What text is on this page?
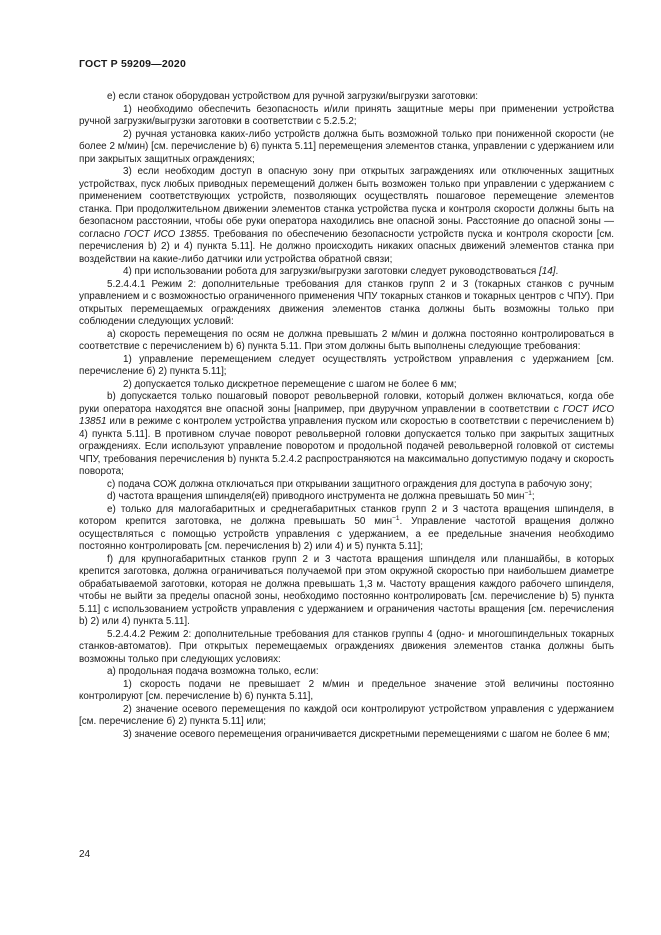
ГОСТ Р 59209—2020

е) если станок оборудован устройством для ручной загрузки/выгрузки заготовки:

1) необходимо обеспечить безопасность и/или принять защитные меры при применении устройства ручной загрузки/выгрузки заготовки в соответствии с 5.2.5.2;

2) ручная установка каких-либо устройств должна быть возможной только при пониженной скорости (не более 2 м/мин) [см. перечисление b) 6) пункта 5.11] перемещения элементов станка, управлении с удержанием или при закрытых защитных ограждениях;

3) если необходим доступ в опасную зону при открытых заграждениях или отключенных защитных устройствах, пуск любых приводных перемещений должен быть возможен только при управлении с удержанием с применением соответствующих устройств, позволяющих осуществлять пошаговое перемещение элементов станка. При продолжительном движении элементов станка устройства пуска и контроля скорости должны быть на безопасном расстоянии, чтобы обе руки оператора находились вне опасной зоны. Расстояние до опасной зоны — согласно ГОСТ ИСО 13855. Требования по обеспечению безопасности устройств пуска и контроля скорости [см. перечисления b) 2) и 4) пункта 5.11]. Не должно происходить никаких опасных движений элементов станка при воздействии на какие-либо датчики или устройства обратной связи;

4) при использовании робота для загрузки/выгрузки заготовки следует руководствоваться [14].

5.2.4.4.1 Режим 2: дополнительные требования для станков групп 2 и 3 (токарных станков с ручным управлением и с возможностью ограниченного применения ЧПУ токарных станков и токарных центров с ЧПУ). При открытых перемещаемых ограждениях движения элементов станка должны быть возможны только при соблюдении следующих условий:

а) скорость перемещения по осям не должна превышать 2 м/мин и должна постоянно контролироваться в соответствие с перечислением b) 6) пункта 5.11. При этом должны быть выполнены следующие требования:

1) управление перемещением следует осуществлять устройством управления с удержанием [см. перечисление б) 2) пункта 5.11];

2) допускается только дискретное перемещение с шагом не более 6 мм;

b) допускается только пошаговый поворот револьверной головки, который должен включаться, когда обе руки оператора находятся вне опасной зоны [например, при двуручном управлении в соответствии с ГОСТ ИСО 13851 или в режиме с контролем устройства управления пуском или скоростью в соответствии с перечислением b) 4) пункта 5.11]. В противном случае поворот револьверной головки допускается только при закрытых защитных ограждениях. Если используют управление поворотом и продольной подачей револьверной головкой от системы ЧПУ, требования перечисления b) пункта 5.2.4.2 распространяются на максимально допустимую подачу и скорость поворота;

с) подача СОЖ должна отключаться при открывании защитного ограждения для доступа в рабочую зону;

d) частота вращения шпинделя(ей) приводного инструмента не должна превышать 50 мин$^{-1}$;

е) только для малогабаритных и среднегабаритных станков групп 2 и 3 частота вращения шпинделя, в котором крепится заготовка, не должна превышать 50 мин$^{-1}$. Управление частотой вращения должно осуществляться с помощью устройств управления с удержанием, а ее предельные значения необходимо постоянно контролировать [см. перечисления b) 2) или 4) и 5) пункта 5.11];

f) для крупногабаритных станков групп 2 и 3 частота вращения шпинделя или планшайбы, в которых крепится заготовка, должна ограничиваться получаемой при этом окружной скоростью при наибольшем диаметре обрабатываемой заготовки, которая не должна превышать 1,3 м. Частоту вращения каждого рабочего шпинделя, чтобы не выйти за пределы опасной зоны, необходимо постоянно контролировать [см. перечисление b) 5) пункта 5.11] с использованием устройств управления с удержанием и ограничения частоты вращения [см. перечисления b) 2) или 4) пункта 5.11].

5.2.4.4.2 Режим 2: дополнительные требования для станков группы 4 (одно- и многошпиндельных токарных станков-автоматов). При открытых перемещаемых ограждениях движения элементов станка должны быть возможны только при следующих условиях:

а) продольная подача возможна только, если:

1) скорость подачи не превышает 2 м/мин и предельное значение этой величины постоянно контролируют [см. перечисление b) 6) пункта 5.11],

2) значение осевого перемещения по каждой оси контролируют устройством управления с удержанием [см. перечисление б) 2) пункта 5.11] или;

3) значение осевого перемещения ограничивается дискретными перемещениями с шагом не более 6 мм;

24
